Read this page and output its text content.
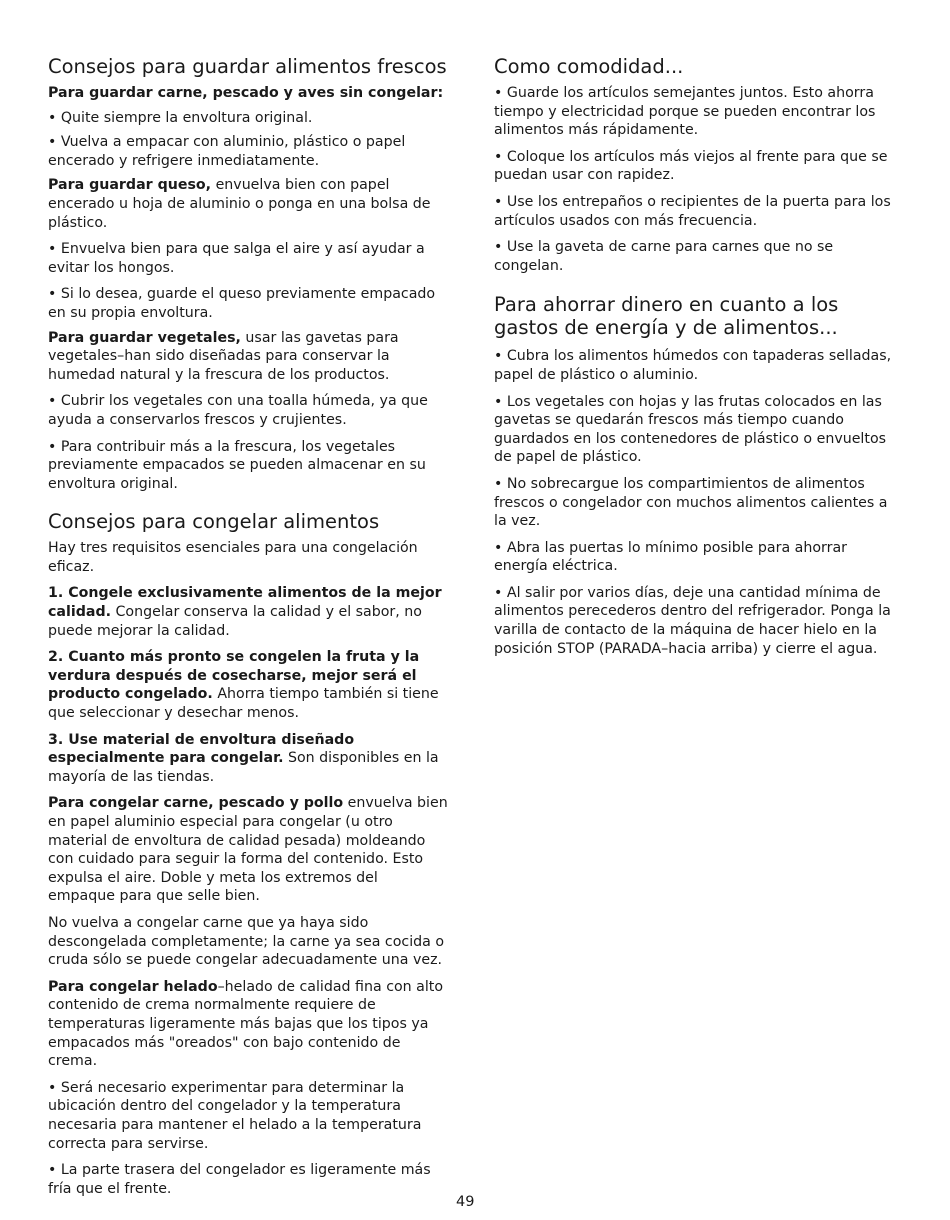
Consejos para guardar alimentos frescos

Para guardar carne, pescado y aves sin congelar:

• Quite siempre la envoltura original.

• Vuelva a empacar con aluminio, plástico o papel encerado y refrigere inmediatamente.

Para guardar queso, envuelva bien con papel encerado u hoja de aluminio o ponga en una bolsa de plástico.

• Envuelva bien para que salga el aire y así ayudar a evitar los hongos.

• Si lo desea, guarde el queso previamente empacado en su propia envoltura.

Para guardar vegetales, usar las gavetas para vegetales–han sido diseñadas para conservar la humedad natural y la frescura de los productos.

• Cubrir los vegetales con una toalla húmeda, ya que ayuda a conservarlos frescos y crujientes.

• Para contribuir más a la frescura, los vegetales previamente empacados se pueden almacenar en su envoltura original.

Consejos para congelar alimentos

Hay tres requisitos esenciales para una congelación eficaz.

1. Congele exclusivamente alimentos de la mejor calidad. Congelar conserva la calidad y el sabor, no puede mejorar la calidad.

2. Cuanto más pronto se congelen la fruta y la verdura después de cosecharse, mejor será el producto congelado. Ahorra tiempo también si tiene que seleccionar y desechar menos.

3. Use material de envoltura diseñado especialmente para congelar. Son disponibles en la mayoría de las tiendas.

Para congelar carne, pescado y pollo envuelva bien en papel aluminio especial para congelar (u otro material de envoltura de calidad pesada) moldeando con cuidado para seguir la forma del contenido. Esto expulsa el aire. Doble y meta los extremos del empaque para que selle bien.

No vuelva a congelar carne que ya haya sido descongelada completamente; la carne ya sea cocida o cruda sólo se puede congelar adecuadamente una vez.

Para congelar helado–helado de calidad fina con alto contenido de crema normalmente requiere de temperaturas ligeramente más bajas que los tipos ya empacados más "oreados" con bajo contenido de crema.

• Será necesario experimentar para determinar la ubicación dentro del congelador y la temperatura necesaria para mantener el helado a la temperatura correcta para servirse.

• La parte trasera del congelador es ligeramente más fría que el frente.

Como comodidad...

• Guarde los artículos semejantes juntos. Esto ahorra tiempo y electricidad porque se pueden encontrar los alimentos más rápidamente.

• Coloque los artículos más viejos al frente para que se puedan usar con rapidez.

• Use los entrepaños o recipientes de la puerta para los artículos usados con más frecuencia.

• Use la gaveta de carne para carnes que no se congelan.

Para ahorrar dinero en cuanto a los gastos de energía y de alimentos...

• Cubra los alimentos húmedos con tapaderas selladas, papel de plástico o aluminio.

• Los vegetales con hojas y las frutas colocados en las gavetas se quedarán frescos más tiempo cuando guardados en los contenedores de plástico o envueltos de papel de plástico.

• No sobrecargue los compartimientos de alimentos frescos o congelador con muchos alimentos calientes a la vez.

• Abra las puertas lo mínimo posible para ahorrar energía eléctrica.

• Al salir por varios días, deje una cantidad mínima de alimentos perecederos dentro del refrigerador. Ponga la varilla de contacto de la máquina de hacer hielo en la posición STOP (PARADA–hacia arriba) y cierre el agua.

49
